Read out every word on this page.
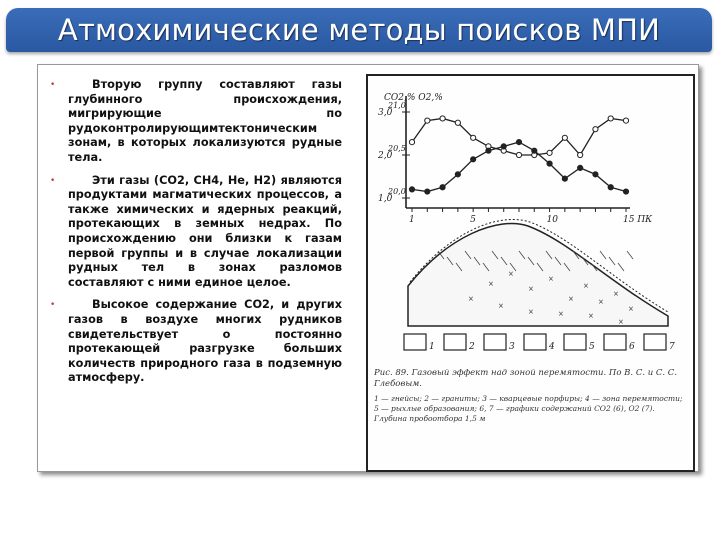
Атмохимические методы поисков МПИ
•	Вторую группу составляют газы глубинного происхождения, мигрирующие по рудоконтролирующимтектоническим зонам, в которых локализуются рудные тела.
•	Эти газы (СО2, СН4, Не, Н2) являются продуктами магматических процессов, а также химических и ядерных реакций, протекающих в земных недрах. По происхождению они близки к газам первой группы и в случае локализации рудных тел в зонах разломов составляют с ними единое целое.
•	Высокое содержание СО2, и других газов в воздухе многих рудников свидетельствует о постоянно протекающей разгрузке больших количеств природного газа в подземную атмосферу.
CO2,% O2,%
3,0
21,0
2,0
20,5
1,0
20,0
1	5	10	15 ПК
×
×
×
×
×
×
×
×
×
×	×
×
×
×
×
1	2	3	4	5	6	7
Рис. 89. Газовый эффект над зоной перемятости. По В. С. и С. С. Глебовым.
1 — гнейсы; 2 — граниты; 3 — кварцевые порфиры; 4 — зона перемятости; 5 — рыхлые образования; 6, 7 — графики содержаний СО2 (6), О2 (7). Глубина пробоотбора 1,5 м
